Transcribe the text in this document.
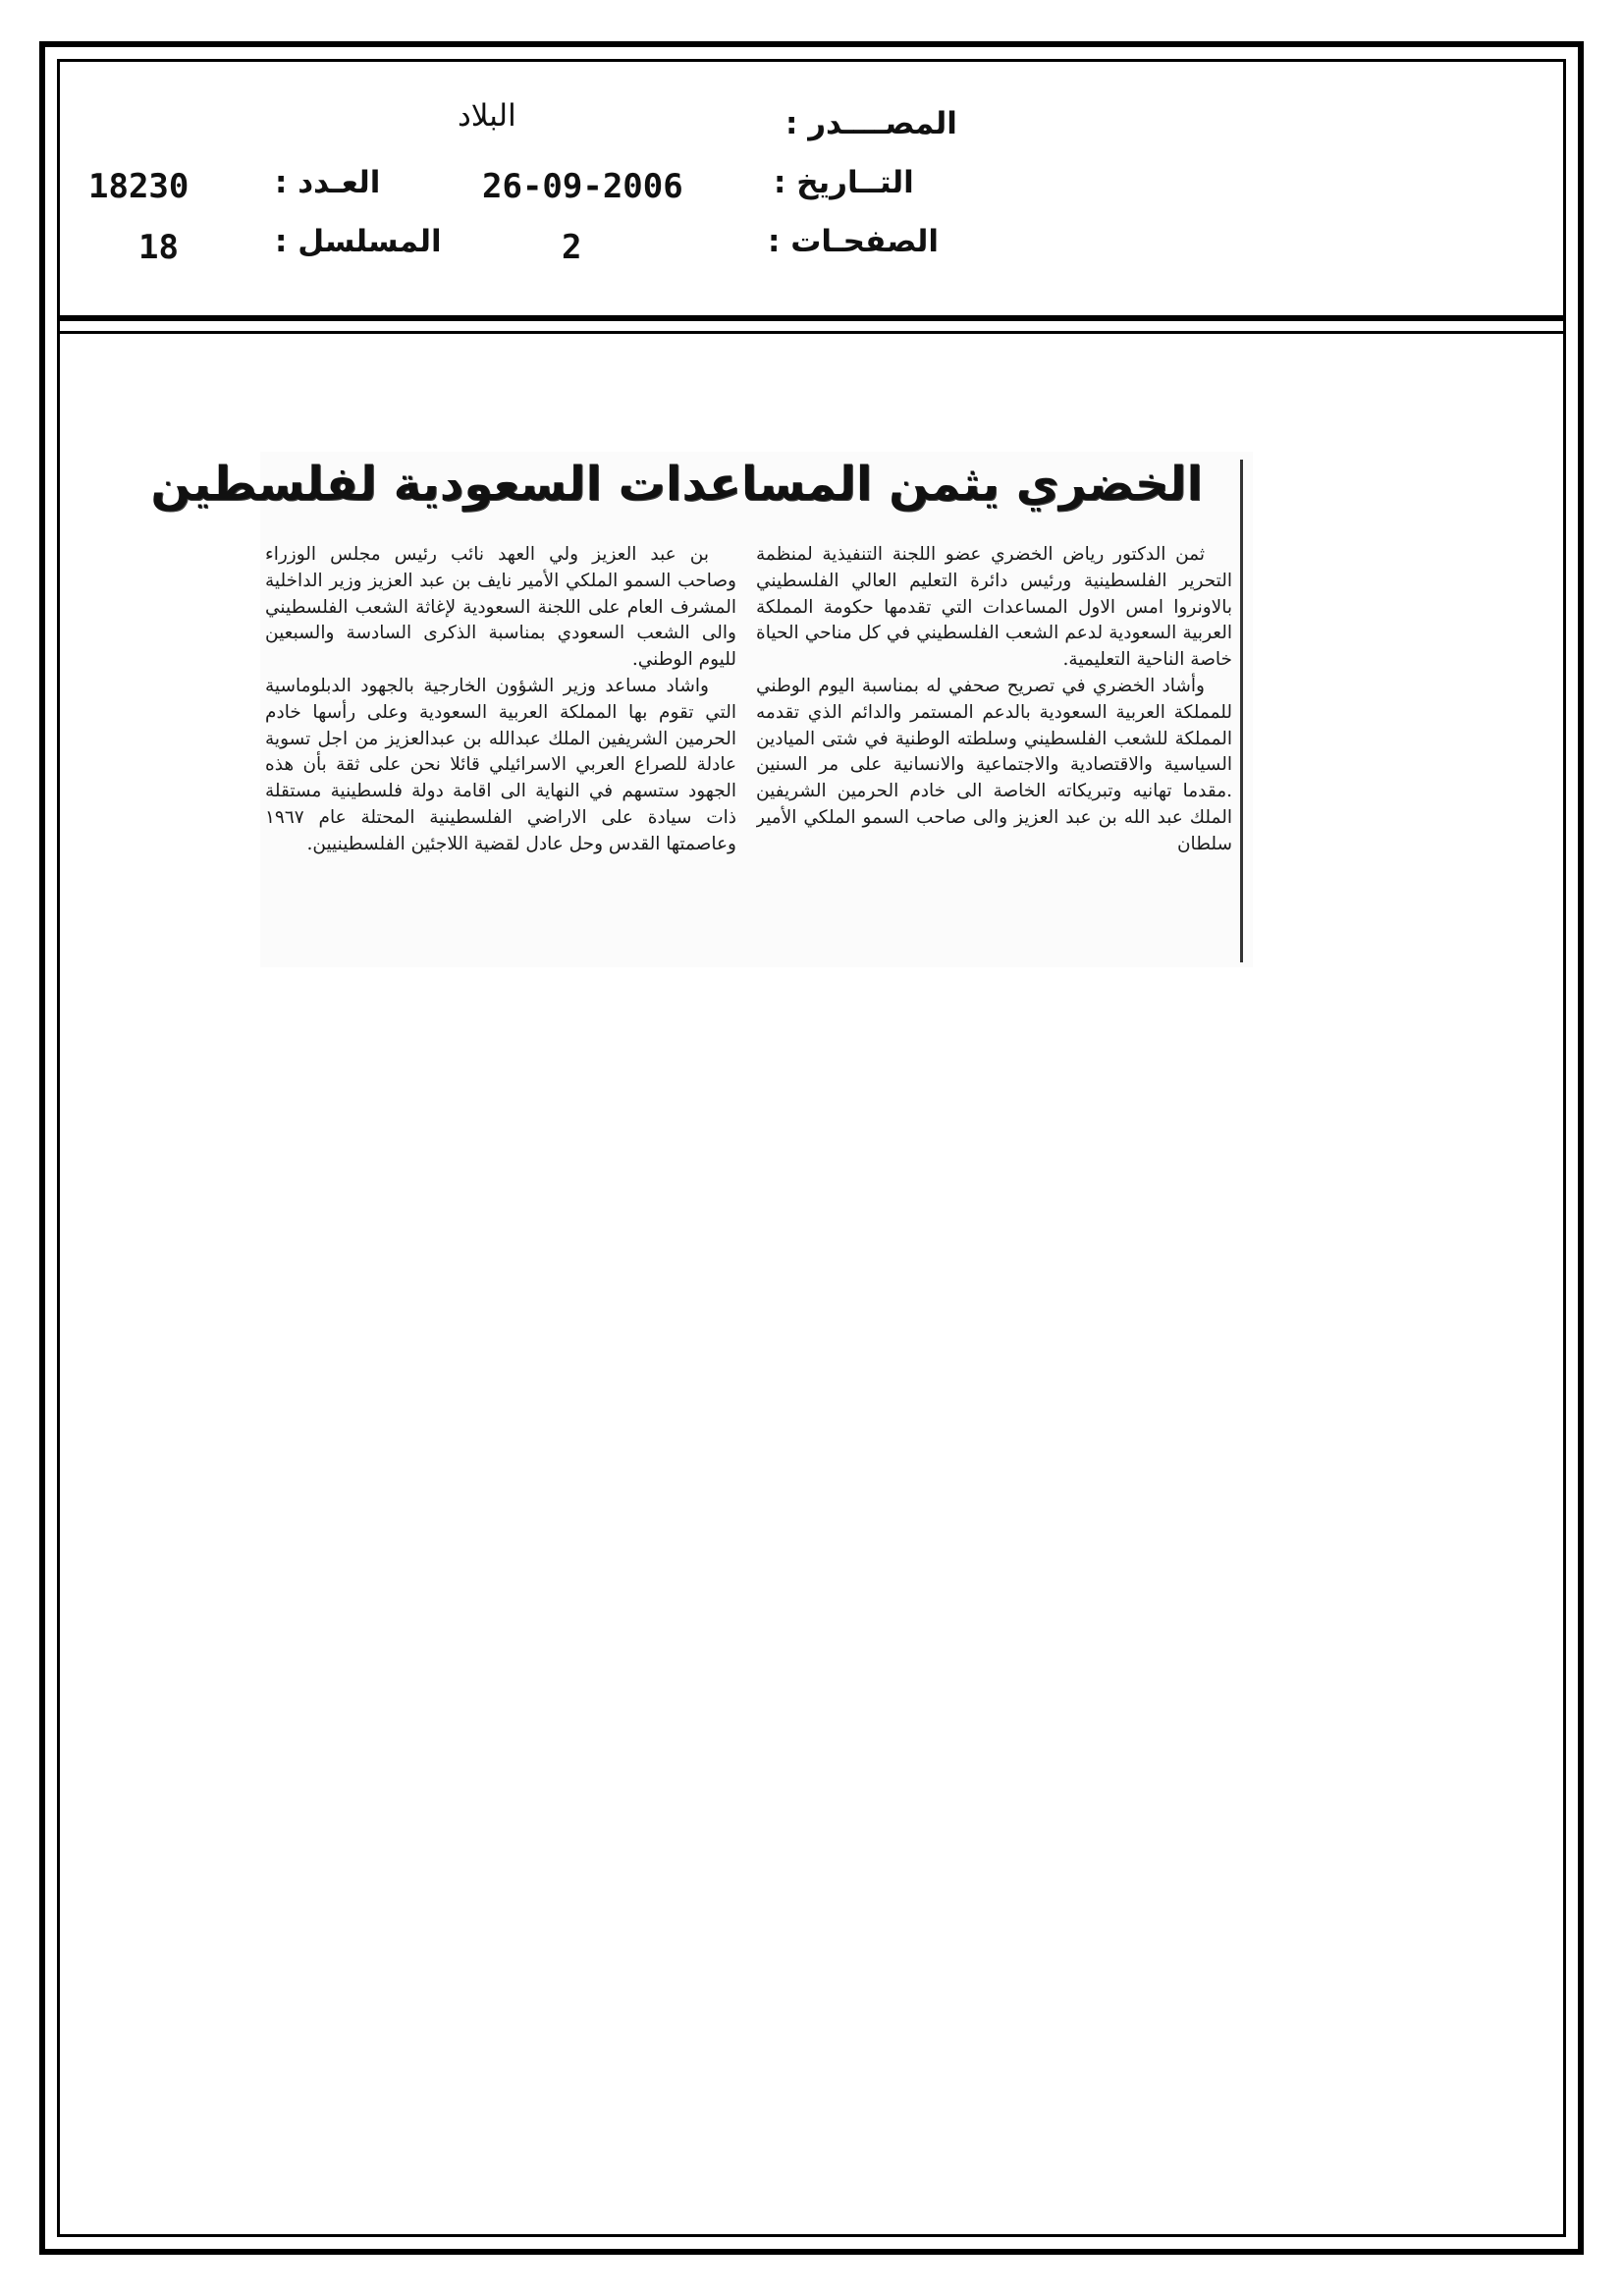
المصــــدر :
البلاد
التــاريخ :
26-09-2006
العـدد :
18230
الصفحـات :
2
المسلسل :
18
الخضري يثمن المساعدات السعودية لفلسطين

ثمن الدكتور رياض الخضري عضو اللجنة التنفيذية لمنظمة التحرير الفلسطينية ورئيس دائرة التعليم العالي الفلسطيني بالاونروا امس الاول المساعدات التي تقدمها حكومة المملكة العربية السعودية لدعم الشعب الفلسطيني في كل مناحي الحياة خاصة الناحية التعليمية.

وأشاد الخضري في تصريح صحفي له بمناسبة اليوم الوطني للمملكة العربية السعودية بالدعم المستمر والدائم الذي تقدمه المملكة للشعب الفلسطيني وسلطته الوطنية في شتى الميادين السياسية والاقتصادية والاجتماعية والانسانية على مر السنين .مقدما تهانيه وتبريكاته الخاصة الى خادم الحرمين الشريفين الملك عبد الله بن عبد العزيز والى صاحب السمو الملكي الأمير سلطان

بن عبد العزيز ولي العهد نائب رئيس مجلس الوزراء وصاحب السمو الملكي الأمير نايف بن عبد العزيز وزير الداخلية المشرف العام على اللجنة السعودية لإغاثة الشعب الفلسطيني والى الشعب السعودي بمناسبة الذكرى السادسة والسبعين لليوم الوطني.

واشاد مساعد وزير الشؤون الخارجية بالجهود الدبلوماسية التي تقوم بها المملكة العربية السعودية وعلى رأسها خادم الحرمين الشريفين الملك عبدالله بن عبدالعزيز من اجل تسوية عادلة للصراع العربي الاسرائيلي قائلا نحن على ثقة بأن هذه الجهود ستسهم في النهاية الى اقامة دولة فلسطينية مستقلة ذات سيادة على الاراضي الفلسطينية المحتلة عام ١٩٦٧ وعاصمتها القدس وحل عادل لقضية اللاجئين الفلسطينيين.
